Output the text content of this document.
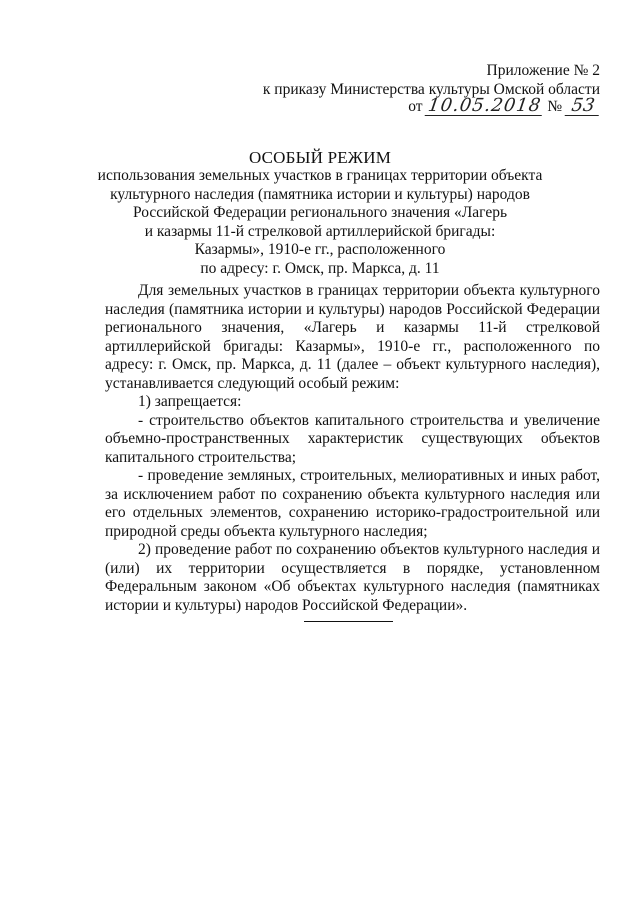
Приложение № 2
к приказу Министерства культуры Омской области
от 10.05.2018 № 53
ОСОБЫЙ РЕЖИМ
использования земельных участков в границах территории объекта
культурного наследия (памятника истории и культуры) народов
Российской Федерации регионального значения «Лагерь
и казармы 11-й стрелковой артиллерийской бригады:
Казармы», 1910-е гг., расположенного
по адресу: г. Омск, пр. Маркса, д. 11

Для земельных участков в границах территории объекта культурного наследия (памятника истории и культуры) народов Российской Федерации регионального значения, «Лагерь и казармы 11-й стрелковой артиллерийской бригады: Казармы», 1910-е гг., расположенного по адресу: г. Омск, пр. Маркса, д. 11 (далее – объект культурного наследия), устанавливается следующий особый режим:

1) запрещается:

- строительство объектов капитального строительства и увеличение объемно-пространственных характеристик существующих объектов капитального строительства;

- проведение земляных, строительных, мелиоративных и иных работ, за исключением работ по сохранению объекта культурного наследия или его отдельных элементов, сохранению историко-градостроительной или природной среды объекта культурного наследия;

2) проведение работ по сохранению объектов культурного наследия и (или) их территории осуществляется в порядке, установленном Федеральным законом «Об объектах культурного наследия (памятниках истории и культуры) народов Российской Федерации».
